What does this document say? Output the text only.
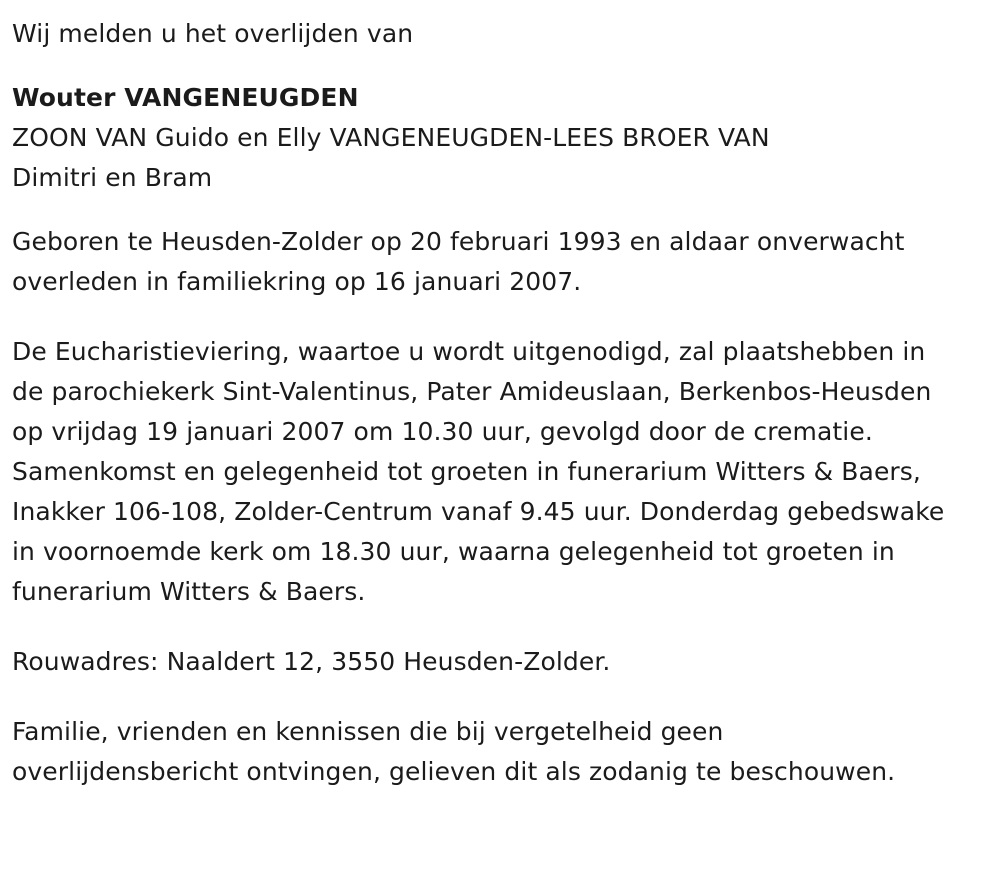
Wij melden u het overlijden van
Wouter VANGENEUGDEN
ZOON VAN Guido en Elly VANGENEUGDEN-LEES BROER VAN
Dimitri en Bram
Geboren te Heusden-Zolder op 20 februari 1993 en aldaar onverwacht
overleden in familiekring op 16 januari 2007.
De Eucharistieviering, waartoe u wordt uitgenodigd, zal plaatshebben in
de parochiekerk Sint-Valentinus, Pater Amideuslaan, Berkenbos-Heusden
op vrijdag 19 januari 2007 om 10.30 uur, gevolgd door de crematie.
Samenkomst en gelegenheid tot groeten in funerarium Witters & Baers,
Inakker 106-108, Zolder-Centrum vanaf 9.45 uur. Donderdag gebedswake
in voornoemde kerk om 18.30 uur, waarna gelegenheid tot groeten in
funerarium Witters & Baers.
Rouwadres: Naaldert 12, 3550 Heusden-Zolder.
Familie, vrienden en kennissen die bij vergetelheid geen
overlijdensbericht ontvingen, gelieven dit als zodanig te beschouwen.
